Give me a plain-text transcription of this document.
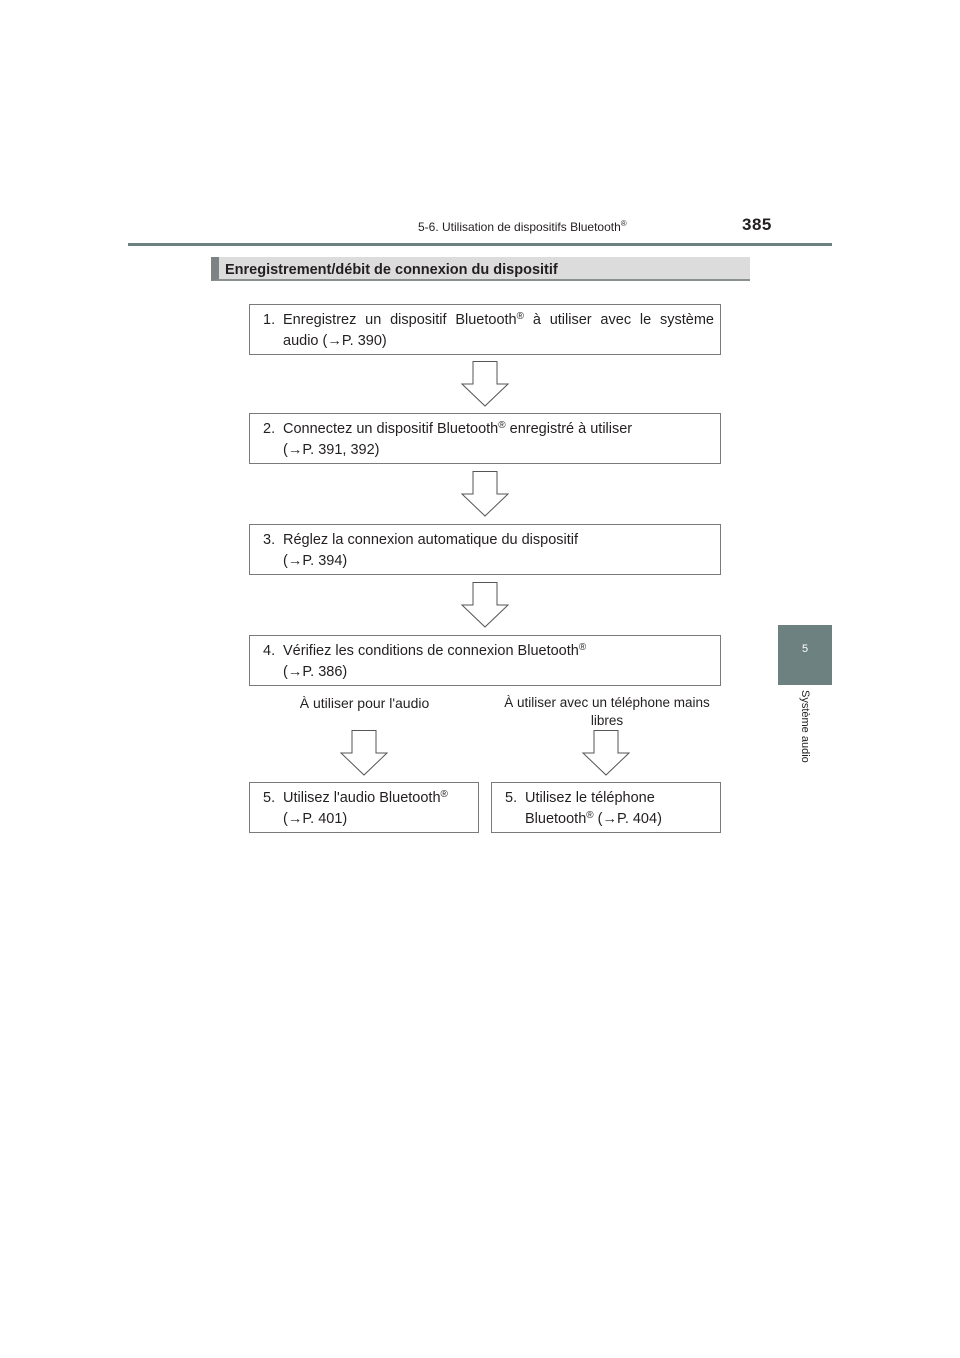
5-6. Utilisation de dispositifs Bluetooth®	385
5
Système audio
Enregistrement/débit de connexion du dispositif
1. Enregistrez un dispositif Bluetooth® à utiliser avec le système
audio (→P. 390)
2. Connectez un dispositif Bluetooth® enregistré à utiliser
(→P. 391, 392)
3. Réglez la connexion automatique du dispositif
(→P. 394)
4. Vérifiez les conditions de connexion Bluetooth®
(→P. 386)
À utiliser pour l'audio	À utiliser avec un téléphone mains
libres
5. Utilisez l'audio Bluetooth®
(→P. 401)
5. Utilisez le téléphone
Bluetooth® (→P. 404)
